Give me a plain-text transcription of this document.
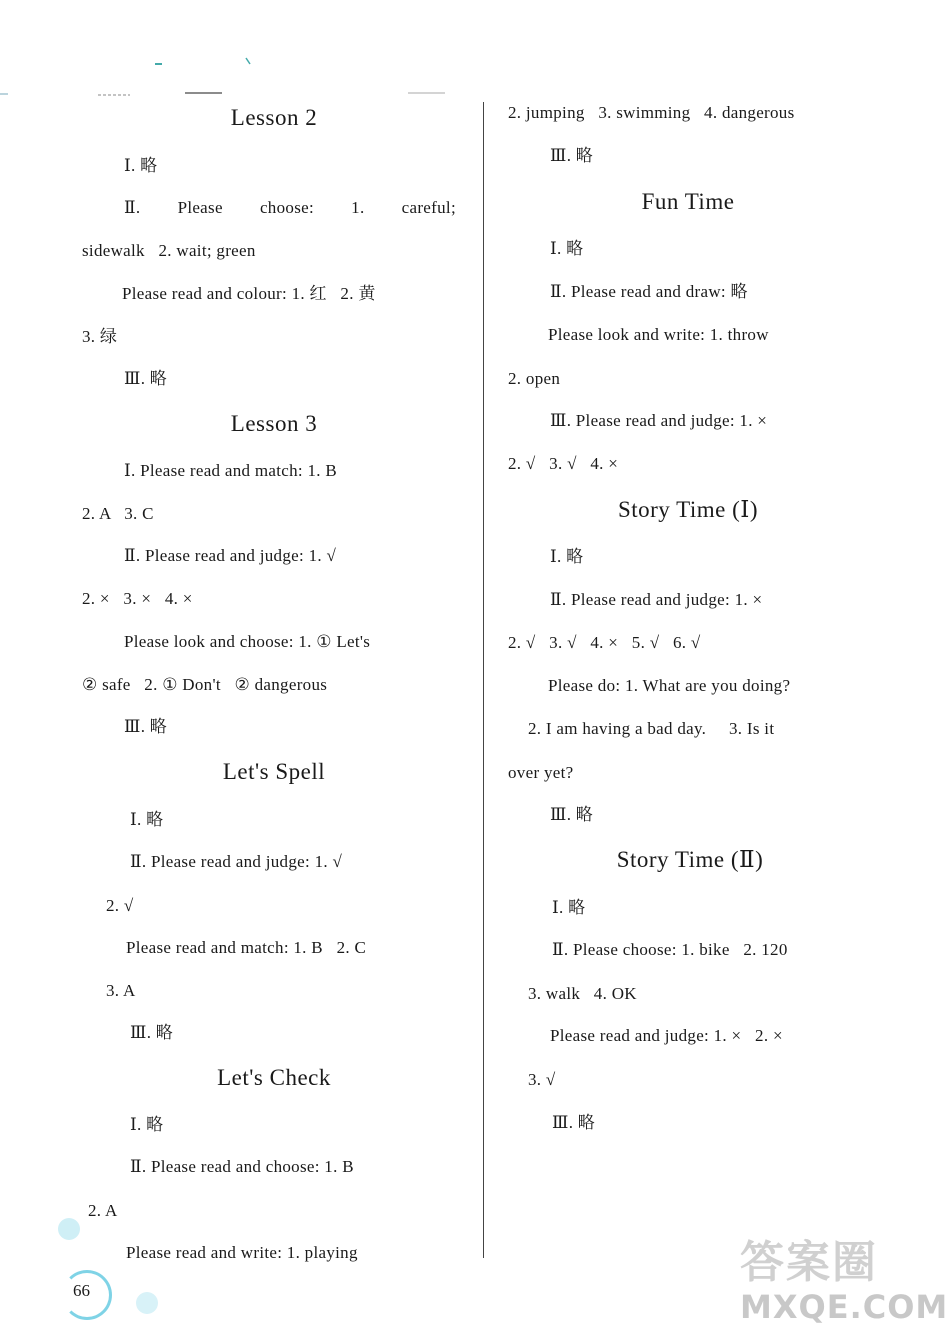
Lesson 2
Ⅰ. 略
Ⅱ. Please choose: 1. careful;
sidewalk   2. wait; green
Please read and colour: 1. 红   2. 黄
3. 绿
Ⅲ. 略
Lesson 3
Ⅰ. Please read and match: 1. B
2. A   3. C
Ⅱ. Please read and judge: 1. √
2. ×   3. ×   4. ×
Please look and choose: 1. ① Let's
② safe   2. ① Don't   ② dangerous
Ⅲ. 略
Let's Spell
Ⅰ. 略
Ⅱ. Please read and judge: 1. √
2. √
Please read and match: 1. B   2. C
3. A
Ⅲ. 略
Let's Check
Ⅰ. 略
Ⅱ. Please read and choose: 1. B
2. A
Please read and write: 1. playing
2. jumping   3. swimming   4. dangerous
Ⅲ. 略
Fun Time
Ⅰ. 略
Ⅱ. Please read and draw: 略
Please look and write: 1. throw
2. open
Ⅲ. Please read and judge: 1. ×
2. √   3. √   4. ×
Story Time (Ⅰ)
Ⅰ. 略
Ⅱ. Please read and judge: 1. ×
2. √   3. √   4. ×   5. √   6. √
Please do: 1. What are you doing?
2. I am having a bad day.     3. Is it
over yet?
Ⅲ. 略
Story Time (Ⅱ)
Ⅰ. 略
Ⅱ. Please choose: 1. bike   2. 120
3. walk   4. OK
Please read and judge: 1. ×   2. ×
3. √
Ⅲ. 略
66
答案圈
MXQE.COM
